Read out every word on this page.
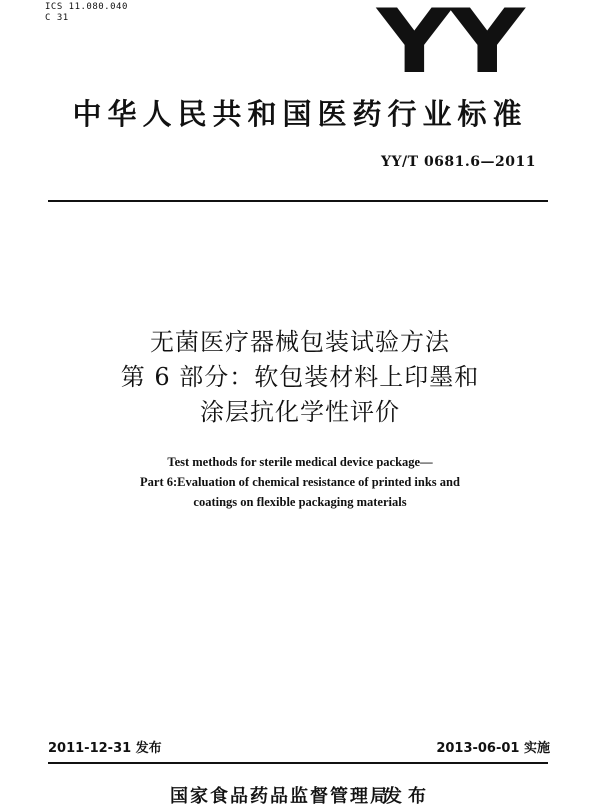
ICS 11.080.040
C 31	YY
中华人民共和国医药行业标准
YY/T 0681.6—2011
无菌医疗器械包装试验方法
第 6 部分：软包装材料上印墨和
涂层抗化学性评价
Test methods for sterile medical device package—
Part 6:Evaluation of chemical resistance of printed inks and
coatings on flexible packaging materials
2011-12-31 发布	2013-06-01 实施
国家食品药品监督管理局
发布
